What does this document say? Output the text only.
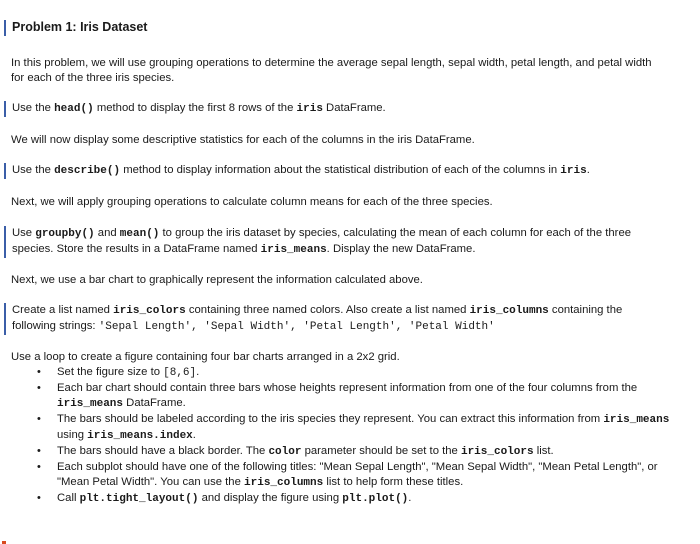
Problem 1: Iris Dataset
In this problem, we will use grouping operations to determine the average sepal length, sepal width, petal length, and petal width for each of the three iris species.
Use the head() method to display the first 8 rows of the iris DataFrame.
We will now display some descriptive statistics for each of the columns in the iris DataFrame.
Use the describe() method to display information about the statistical distribution of each of the columns in iris.
Next, we will apply grouping operations to calculate column means for each of the three species.
Use groupby() and mean() to group the iris dataset by species, calculating the mean of each column for each of the three species. Store the results in a DataFrame named iris_means. Display the new DataFrame.
Next, we use a bar chart to graphically represent the information calculated above.
Create a list named iris_colors containing three named colors. Also create a list named iris_columns containing the following strings: 'Sepal Length', 'Sepal Width', 'Petal Length', 'Petal Width'
Use a loop to create a figure containing four bar charts arranged in a 2x2 grid.
• Set the figure size to [8,6].
• Each bar chart should contain three bars whose heights represent information from one of the four columns from the iris_means DataFrame.
• The bars should be labeled according to the iris species they represent. You can extract this information from iris_means using iris_means.index.
• The bars should have a black border. The color parameter should be set to the iris_colors list.
• Each subplot should have one of the following titles: "Mean Sepal Length", "Mean Sepal Width", "Mean Petal Length", or "Mean Petal Width". You can use the iris_columns list to help form these titles.
• Call plt.tight_layout() and display the figure using plt.plot().
